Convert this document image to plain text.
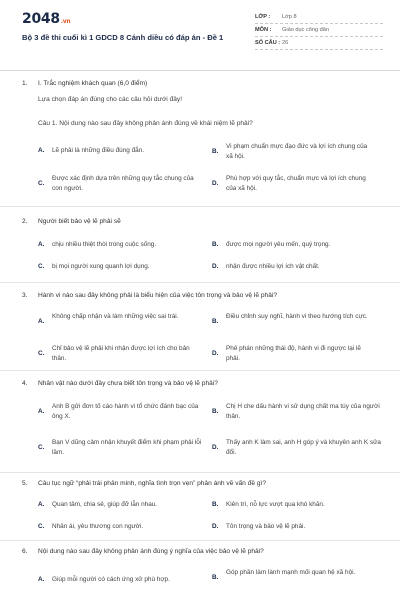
2048.vn
Bộ 3 đề thi cuối kì 1 GDCD 8 Cánh diều có đáp án - Đề 1
LỚP :	Lớp 8
MÔN :	Giáo dục công dân
SỐ CÂU : 26
1. I. Trắc nghiệm khách quan (6,0 điểm)
Lựa chọn đáp án đúng cho các câu hỏi dưới đây!
Câu 1. Nội dung nào sau đây không phản ánh đúng về khái niệm lẽ phải?
A. Lẽ phải là những điều đúng đắn.	B.
Vi phạm chuẩn mực đạo đức và lợi ích chung của xã hội.
C.
Được xác định dựa trên những quy tắc chung của con người.
D.
Phù hợp với quy tắc, chuẩn mực và lợi ích chung của xã hội.
2. Người biết bảo vệ lẽ phải sẽ
A. chịu nhiều thiệt thòi trong cuộc sống.	B. được mọi người yêu mến, quý trọng.
C. bị mọi người xung quanh lợi dụng.	D. nhận được nhiều lợi ích vật chất.
3. Hành vi nào sau đây không phải là biểu hiện của việc tôn trọng và bảo vệ lẽ phải?
A.
Không chấp nhận và làm những việc sai trái.
B.
Điều chỉnh suy nghĩ, hành vi theo hướng tích cực.
C.
Chỉ bảo vệ lẽ phải khi nhận được lợi ích cho bản thân.
D.
Phê phán những thái độ, hành vi đi ngược lại lẽ phải.
4. Nhân vật nào dưới đây chưa biết tôn trọng và bảo vệ lẽ phải?
A.
Anh B gửi đơn tố cáo hành vi tổ chức đánh bạc của ông X.
B.
Chị H che dấu hành vi sử dụng chất ma túy của người thân.
C.
Bạn V dũng cảm nhận khuyết điểm khi phạm phải lỗi lầm.
D.
Thấy anh K làm sai, anh H góp ý và khuyên anh K sửa đổi.
5. Câu tục ngữ “phải trái phân minh, nghĩa tình trọn vẹn” phản ánh về vấn đề gì?
A. Quan tâm, chia sẻ, giúp đỡ lẫn nhau.	B. Kiên trì, nỗ lực vượt qua khó khăn.
C. Nhân ái, yêu thương con người.	D. Tôn trọng và bảo vệ lẽ phải.
6. Nội dung nào sau đây không phản ánh đúng ý nghĩa của việc bảo vệ lẽ phải?
A. Giúp mỗi người có cách ứng xử phù hợp.	B.
Góp phần làm lành mạnh mối quan hệ xã hội.
